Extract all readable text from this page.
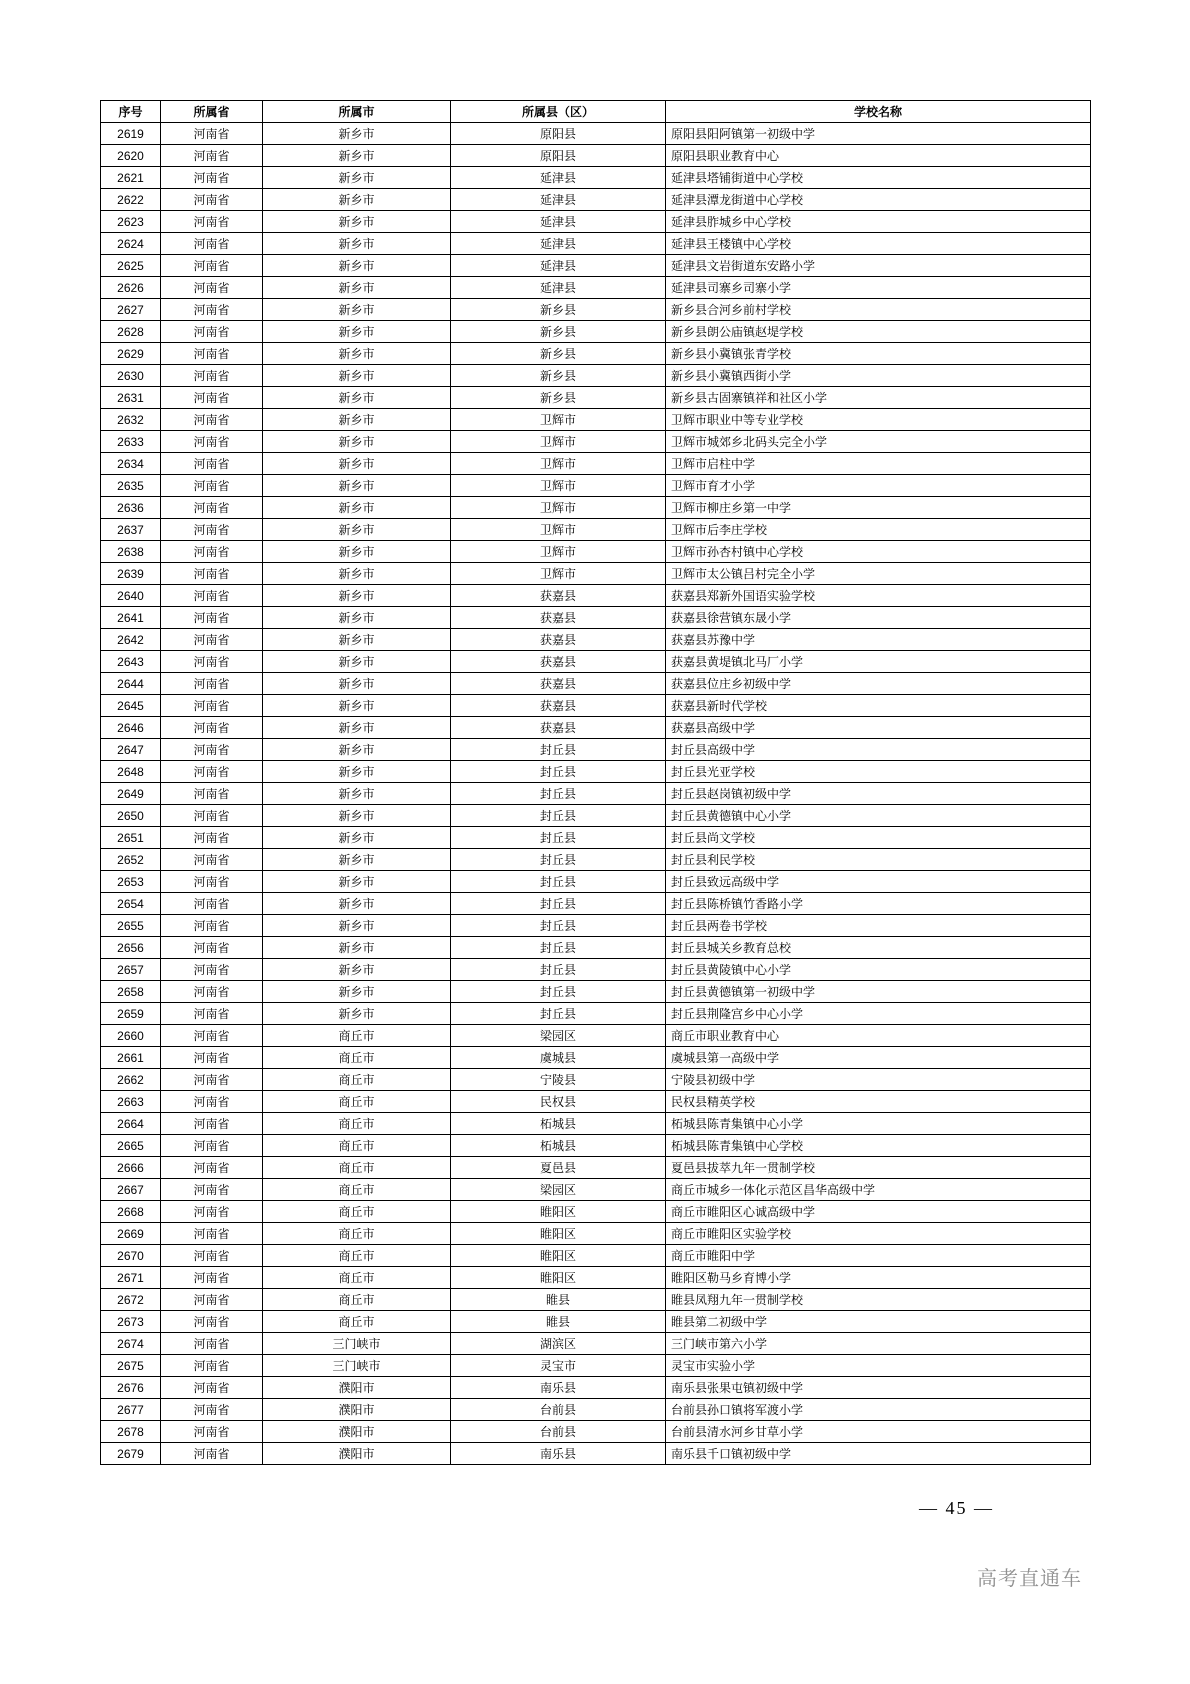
序号	所属省	所属市	所属县（区）	学校名称
2619	河南省	新乡市	原阳县	原阳县阳阿镇第一初级中学
2620	河南省	新乡市	原阳县	原阳县职业教育中心
2621	河南省	新乡市	延津县	延津县塔铺街道中心学校
2622	河南省	新乡市	延津县	延津县潭龙街道中心学校
2623	河南省	新乡市	延津县	延津县胙城乡中心学校
2624	河南省	新乡市	延津县	延津县王楼镇中心学校
2625	河南省	新乡市	延津县	延津县文岩街道东安路小学
2626	河南省	新乡市	延津县	延津县司寨乡司寨小学
2627	河南省	新乡市	新乡县	新乡县合河乡前村学校
2628	河南省	新乡市	新乡县	新乡县朗公庙镇赵堤学校
2629	河南省	新乡市	新乡县	新乡县小冀镇张青学校
2630	河南省	新乡市	新乡县	新乡县小冀镇西街小学
2631	河南省	新乡市	新乡县	新乡县古固寨镇祥和社区小学
2632	河南省	新乡市	卫辉市	卫辉市职业中等专业学校
2633	河南省	新乡市	卫辉市	卫辉市城郊乡北码头完全小学
2634	河南省	新乡市	卫辉市	卫辉市启柱中学
2635	河南省	新乡市	卫辉市	卫辉市育才小学
2636	河南省	新乡市	卫辉市	卫辉市柳庄乡第一中学
2637	河南省	新乡市	卫辉市	卫辉市后李庄学校
2638	河南省	新乡市	卫辉市	卫辉市孙杏村镇中心学校
2639	河南省	新乡市	卫辉市	卫辉市太公镇吕村完全小学
2640	河南省	新乡市	获嘉县	获嘉县郑新外国语实验学校
2641	河南省	新乡市	获嘉县	获嘉县徐营镇东晟小学
2642	河南省	新乡市	获嘉县	获嘉县苏豫中学
2643	河南省	新乡市	获嘉县	获嘉县黄堤镇北马厂小学
2644	河南省	新乡市	获嘉县	获嘉县位庄乡初级中学
2645	河南省	新乡市	获嘉县	获嘉县新时代学校
2646	河南省	新乡市	获嘉县	获嘉县高级中学
2647	河南省	新乡市	封丘县	封丘县高级中学
2648	河南省	新乡市	封丘县	封丘县光亚学校
2649	河南省	新乡市	封丘县	封丘县赵岗镇初级中学
2650	河南省	新乡市	封丘县	封丘县黄德镇中心小学
2651	河南省	新乡市	封丘县	封丘县尚文学校
2652	河南省	新乡市	封丘县	封丘县利民学校
2653	河南省	新乡市	封丘县	封丘县致远高级中学
2654	河南省	新乡市	封丘县	封丘县陈桥镇竹香路小学
2655	河南省	新乡市	封丘县	封丘县两卷书学校
2656	河南省	新乡市	封丘县	封丘县城关乡教育总校
2657	河南省	新乡市	封丘县	封丘县黄陵镇中心小学
2658	河南省	新乡市	封丘县	封丘县黄德镇第一初级中学
2659	河南省	新乡市	封丘县	封丘县荆隆宫乡中心小学
2660	河南省	商丘市	梁园区	商丘市职业教育中心
2661	河南省	商丘市	虞城县	虞城县第一高级中学
2662	河南省	商丘市	宁陵县	宁陵县初级中学
2663	河南省	商丘市	民权县	民权县精英学校
2664	河南省	商丘市	柘城县	柘城县陈青集镇中心小学
2665	河南省	商丘市	柘城县	柘城县陈青集镇中心学校
2666	河南省	商丘市	夏邑县	夏邑县拔萃九年一贯制学校
2667	河南省	商丘市	梁园区	商丘市城乡一体化示范区昌华高级中学
2668	河南省	商丘市	睢阳区	商丘市睢阳区心诚高级中学
2669	河南省	商丘市	睢阳区	商丘市睢阳区实验学校
2670	河南省	商丘市	睢阳区	商丘市睢阳中学
2671	河南省	商丘市	睢阳区	睢阳区勒马乡育博小学
2672	河南省	商丘市	睢县	睢县凤翔九年一贯制学校
2673	河南省	商丘市	睢县	睢县第二初级中学
2674	河南省	三门峡市	湖滨区	三门峡市第六小学
2675	河南省	三门峡市	灵宝市	灵宝市实验小学
2676	河南省	濮阳市	南乐县	南乐县张果屯镇初级中学
2677	河南省	濮阳市	台前县	台前县孙口镇将军渡小学
2678	河南省	濮阳市	台前县	台前县清水河乡甘草小学
2679	河南省	濮阳市	南乐县	南乐县千口镇初级中学
— 45 —
高考直通车
